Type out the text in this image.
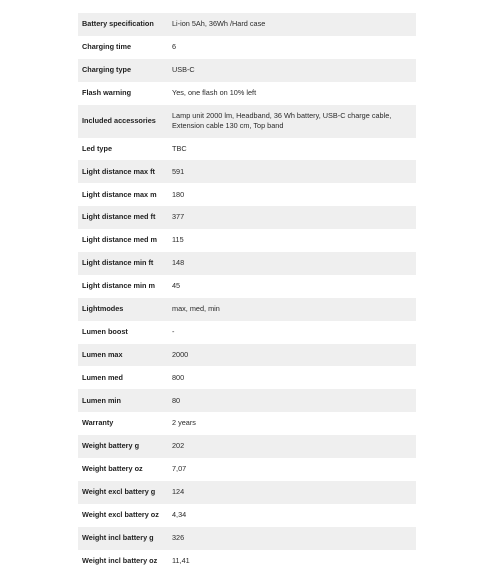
Battery specification	Li-ion 5Ah, 36Wh /Hard case
Charging time	6
Charging type	USB-C
Flash warning	Yes, one flash on 10% left
Included accessories	Lamp unit 2000 lm, Headband, 36 Wh battery, USB-C charge cable, Extension cable 130 cm, Top band
Led type	TBC
Light distance max ft	591
Light distance max m	180
Light distance med ft	377
Light distance med m	115
Light distance min ft	148
Light distance min m	45
Lightmodes	max, med, min
Lumen boost	-
Lumen max	2000
Lumen med	800
Lumen min	80
Warranty	2 years
Weight battery g	202
Weight battery oz	7,07
Weight excl battery g	124
Weight excl battery oz	4,34
Weight incl battery g	326
Weight incl battery oz	11,41
